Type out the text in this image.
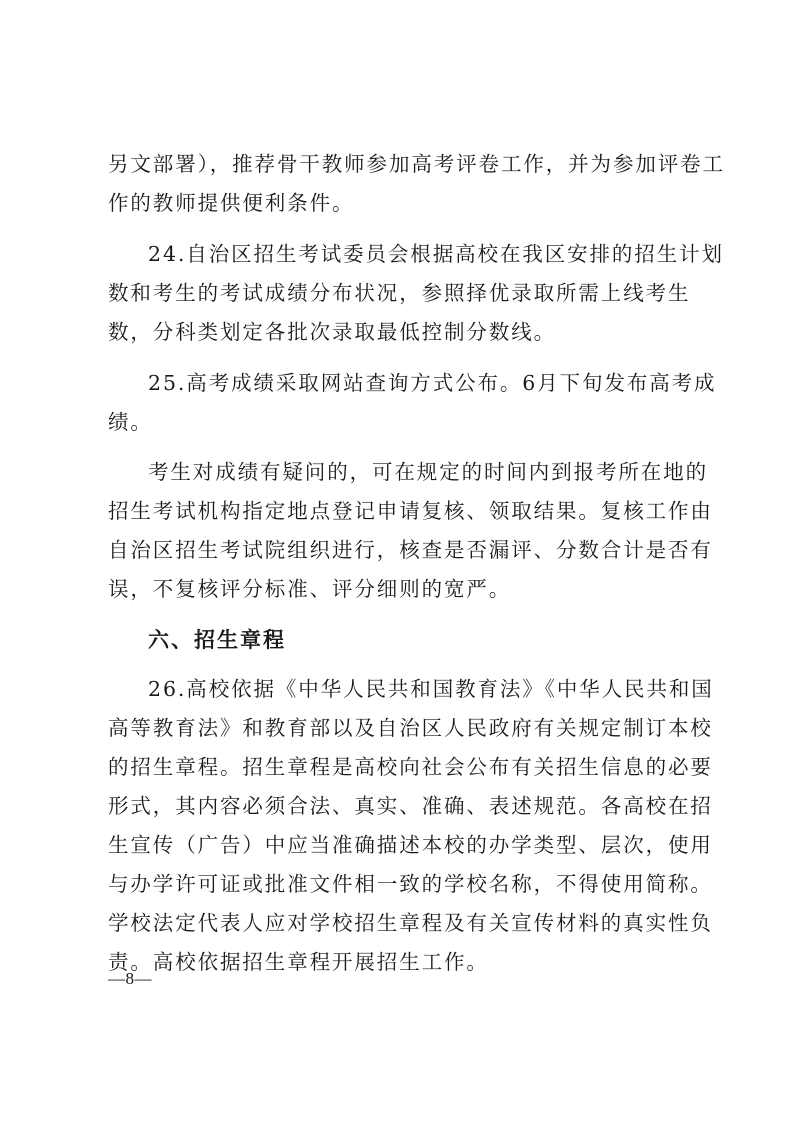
另文部署），推荐骨干教师参加高考评卷工作，并为参加评卷工

作的教师提供便利条件。

24.自治区招生考试委员会根据高校在我区安排的招生计划

数和考生的考试成绩分布状况，参照择优录取所需上线考生

数，分科类划定各批次录取最低控制分数线。

25.高考成绩采取网站查询方式公布。6月下旬发布高考成

绩。

考生对成绩有疑问的，可在规定的时间内到报考所在地的

招生考试机构指定地点登记申请复核、领取结果。复核工作由

自治区招生考试院组织进行，核查是否漏评、分数合计是否有

误，不复核评分标准、评分细则的宽严。

六、招生章程

26.高校依据《中华人民共和国教育法》《中华人民共和国

高等教育法》和教育部以及自治区人民政府有关规定制订本校

的招生章程。招生章程是高校向社会公布有关招生信息的必要

形式，其内容必须合法、真实、准确、表述规范。各高校在招

生宣传（广告）中应当准确描述本校的办学类型、层次，使用

与办学许可证或批准文件相一致的学校名称，不得使用简称。

学校法定代表人应对学校招生章程及有关宣传材料的真实性负

责。高校依据招生章程开展招生工作。

—8—
